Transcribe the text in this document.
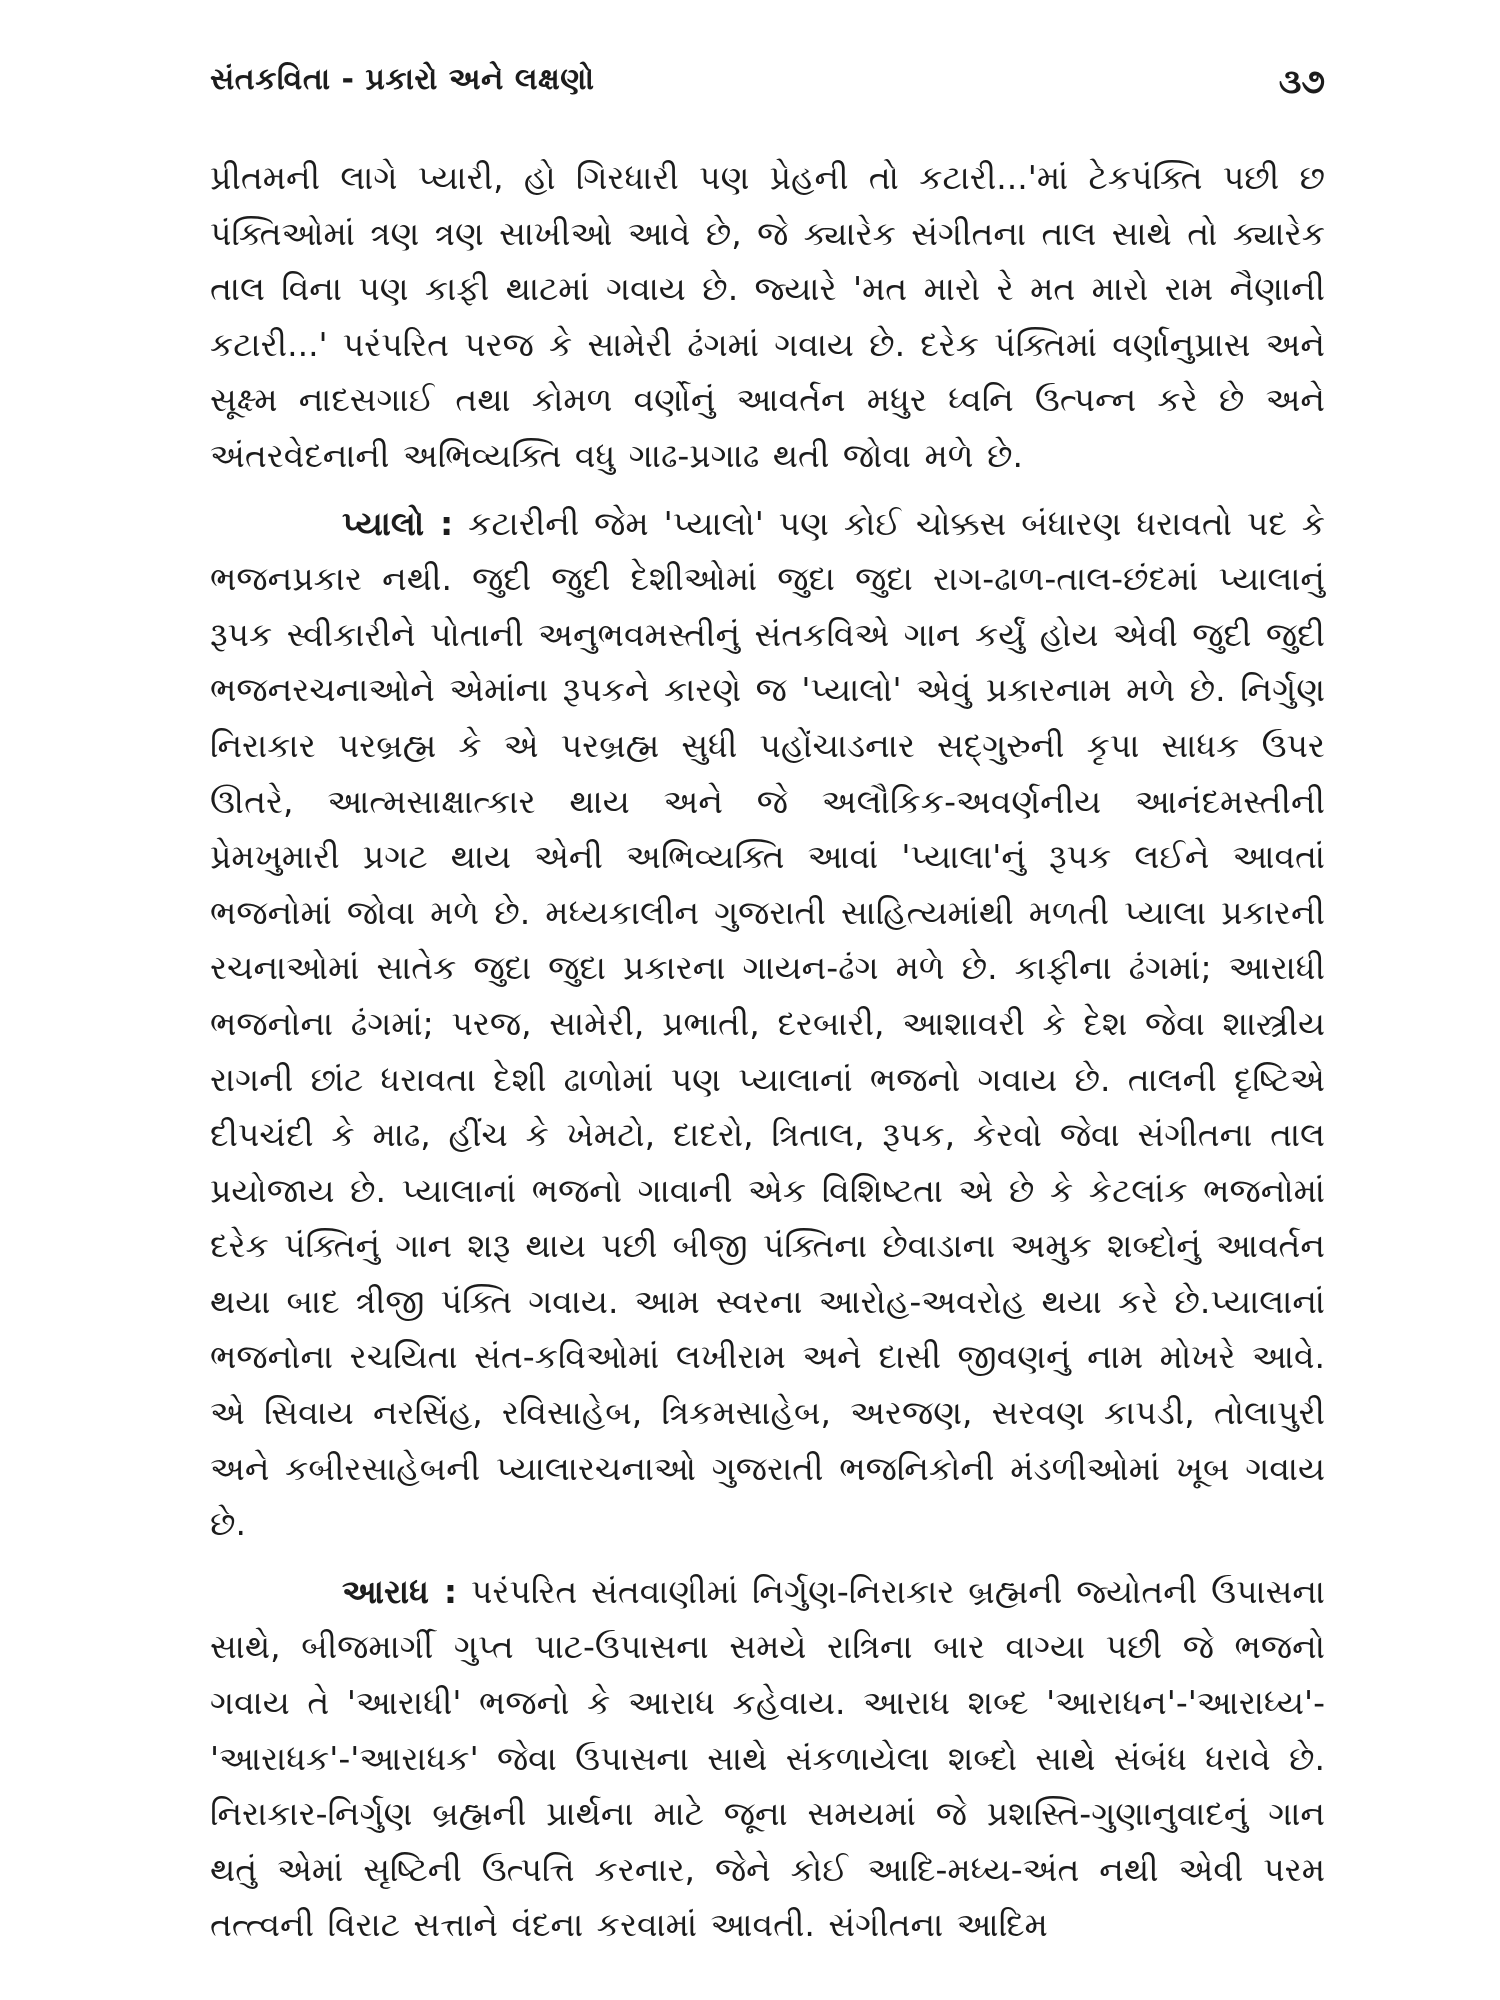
સંતકવિતા - પ્રકારો અને લક્ષણો	૩૭

પ્રીતમની લાગે પ્યારી, હો ગિરધારી પણ પ્રેહની તો કટારી...'માં ટેકપંક્તિ પછી છ પંક્તિઓમાં ત્રણ ત્રણ સાખીઓ આવે છે, જે ક્યારેક સંગીતના તાલ સાથે તો ક્યારેક તાલ વિના પણ કાફી થાટમાં ગવાય છે. જ્યારે 'મત મારો રે મત મારો રામ નૈણાની કટારી...' પરંપરિત પરજ કે સામેરી ઢંગમાં ગવાય છે. દરેક પંક્તિમાં વર્ણાનુપ્રાસ અને સૂક્ષ્મ નાદસગાઈ તથા કોમળ વર્ણોનું આવર્તન મધુર ધ્વનિ ઉત્પન્ન કરે છે અને અંતરવેદનાની અભિવ્યક્તિ વધુ ગાઢ-પ્રગાઢ થતી જોવા મળે છે.

પ્યાલો : કટારીની જેમ 'પ્યાલો' પણ કોઈ ચોક્કસ બંધારણ ધરાવતો પદ કે ભજનપ્રકાર નથી. જુદી જુદી દેશીઓમાં જુદા જુદા રાગ-ઢાળ-તાલ-છંદમાં પ્યાલાનું રૂપક સ્વીકારીને પોતાની અનુભવમસ્તીનું સંતકવિએ ગાન કર્યું હોય એવી જુદી જુદી ભજનરચનાઓને એમાંના રૂપકને કારણે જ 'પ્યાલો' એવું પ્રકારનામ મળે છે. નિર્ગુણ નિરાકાર પરબ્રહ્મ કે એ પરબ્રહ્મ સુધી પહોંચાડનાર સદ્‌ગુરુની કૃપા સાધક ઉપર ઊતરે, આત્મસાક્ષાત્કાર થાય અને જે અલૌકિક-અવર્ણનીય આનંદમસ્તીની પ્રેમખુમારી પ્રગટ થાય એની અભિવ્યક્તિ આવાં 'પ્યાલા'નું રૂપક લઈને આવતાં ભજનોમાં જોવા મળે છે. મધ્યકાલીન ગુજરાતી સાહિત્યમાંથી મળતી પ્યાલા પ્રકારની રચનાઓમાં સાતેક જુદા જુદા પ્રકારના ગાયન-ઢંગ મળે છે. કાફીના ઢંગમાં; આરાધી ભજનોના ઢંગમાં; પરજ, સામેરી, પ્રભાતી, દરબારી, આશાવરી કે દેશ જેવા શાસ્ત્રીય રાગની છાંટ ધરાવતા દેશી ઢાળોમાં પણ પ્યાલાનાં ભજનો ગવાય છે. તાલની દૃષ્ટિએ દીપચંદી કે માઢ, હીંચ કે ખેમટો, દાદરો, ત્રિતાલ, રૂપક, કેરવો જેવા સંગીતના તાલ પ્રયોજાય છે. પ્યાલાનાં ભજનો ગાવાની એક વિશિષ્ટતા એ છે કે કેટલાંક ભજનોમાં દરેક પંક્તિનું ગાન શરૂ થાય પછી બીજી પંક્તિના છેવાડાના અમુક શબ્દોનું આવર્તન થયા બાદ ત્રીજી પંક્તિ ગવાય. આમ સ્વરના આરોહ-અવરોહ થયા કરે છે.પ્યાલાનાં ભજનોના રચયિતા સંત-કવિઓમાં લખીરામ અને દાસી જીવણનું નામ મોખરે આવે. એ સિવાય નરસિંહ, રવિસાહેબ, ત્રિકમસાહેબ, અરજણ, સરવણ કાપડી, તોલાપુરી અને કબીરસાહેબની પ્યાલારચનાઓ ગુજરાતી ભજનિકોની મંડળીઓમાં ખૂબ ગવાય છે.

આરાધ : પરંપરિત સંતવાણીમાં નિર્ગુણ-નિરાકાર બ્રહ્મની જ્યોતની ઉપાસના સાથે, બીજમાર્ગી ગુપ્ત પાટ-ઉપાસના સમયે રાત્રિના બાર વાગ્યા પછી જે ભજનો ગવાય તે 'આરાધી' ભજનો કે આરાધ કહેવાય. આરાધ શબ્દ 'આરાધન'-'આરાધ્ય'- 'આરાધક'-'આરાધક' જેવા ઉપાસના સાથે સંકળાયેલા શબ્દો સાથે સંબંધ ધરાવે છે. નિરાકાર-નિર્ગુણ બ્રહ્મની પ્રાર્થના માટે જૂના સમયમાં જે પ્રશસ્તિ-ગુણાનુવાદનું ગાન થતું એમાં સૃષ્ટિની ઉત્પત્તિ કરનાર, જેને કોઈ આદિ-મધ્ય-અંત નથી એવી પરમ તત્ત્વની વિરાટ સત્તાને વંદના કરવામાં આવતી. સંગીતના આદિમ
